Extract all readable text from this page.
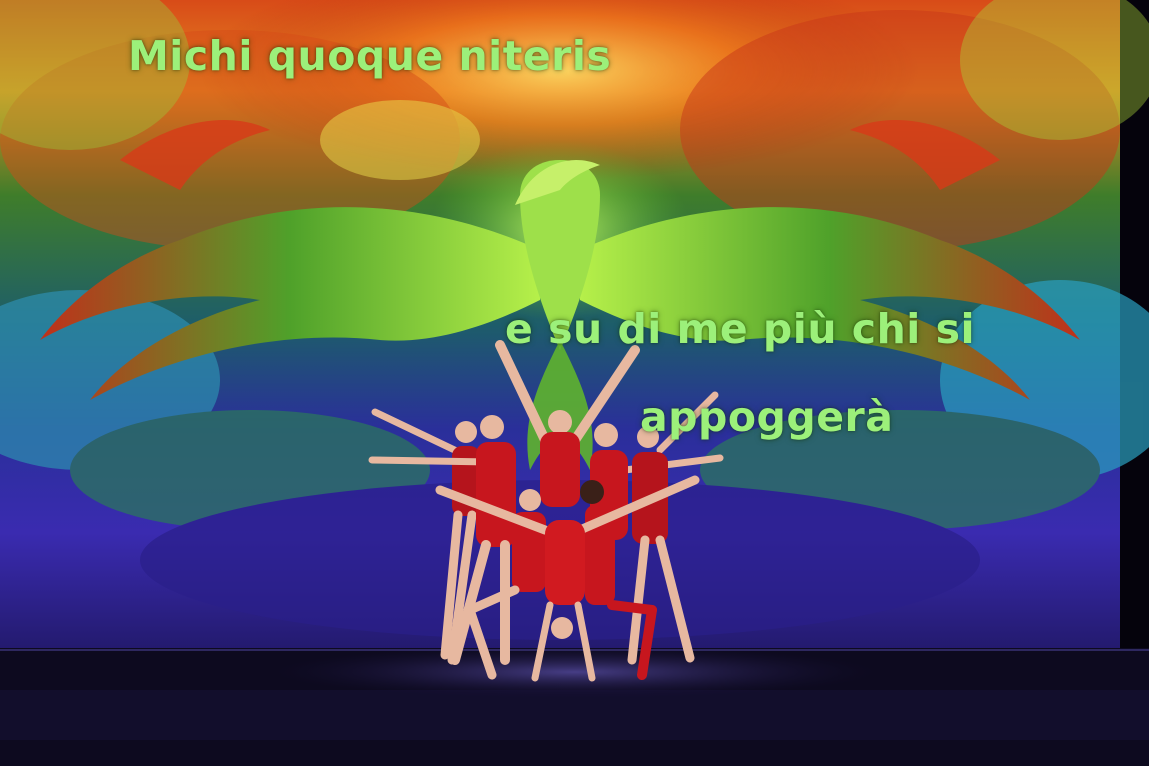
Michi quoque niteris

e su di me più chi si

appoggerà
